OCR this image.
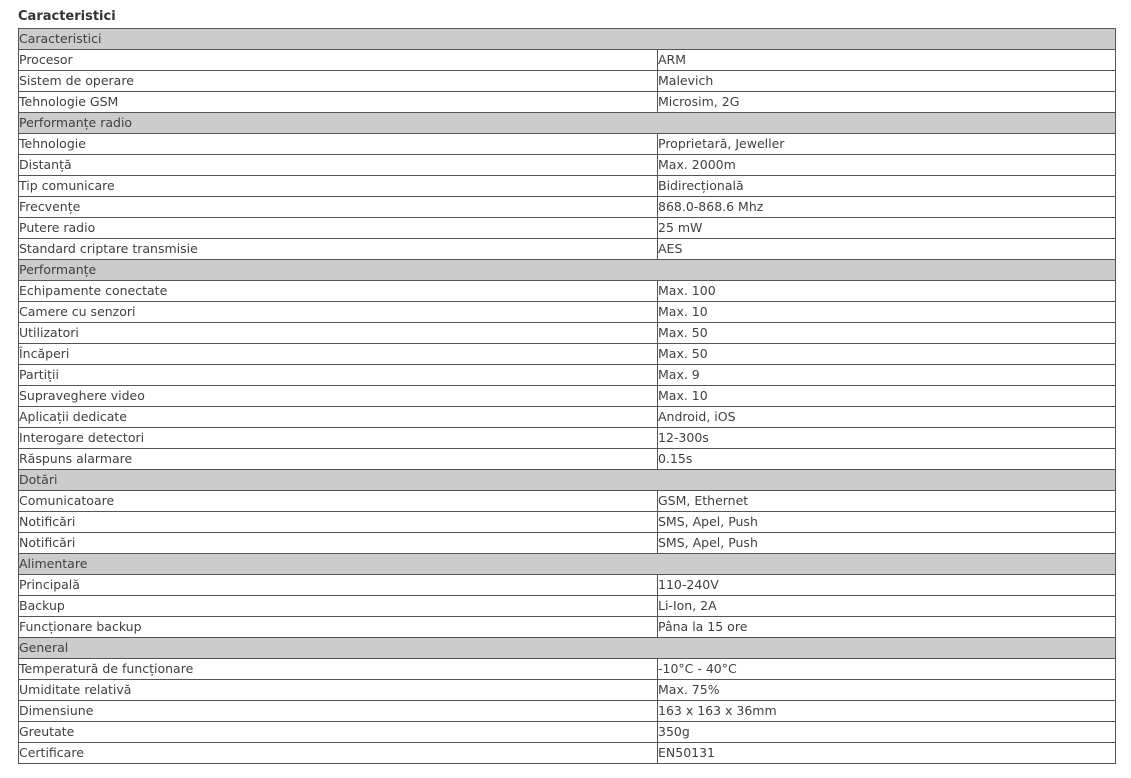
Caracteristici
Caracteristici	
Procesor	ARM
Sistem de operare	Malevich
Tehnologie GSM	Microsim, 2G
Performanțe radio	
Tehnologie	Proprietară, Jeweller
Distanță	Max. 2000m
Tip comunicare	Bidirecțională
Frecvențe	868.0-868.6 Mhz
Putere radio	25 mW
Standard criptare transmisie	AES
Performanțe	
Echipamente conectate	Max. 100
Camere cu senzori	Max. 10
Utilizatori	Max. 50
Încăperi	Max. 50
Partiții	Max. 9
Supraveghere video	Max. 10
Aplicații dedicate	Android, iOS
Interogare detectori	12-300s
Răspuns alarmare	0.15s
Dotări	
Comunicatoare	GSM, Ethernet
Notificări	SMS, Apel, Push
Notificări	SMS, Apel, Push
Alimentare	
Principală	110-240V
Backup	Li-Ion, 2A
Funcționare backup	Pâna la 15 ore
General	
Temperatură de funcționare	-10°C - 40°C
Umiditate relativă	Max. 75%
Dimensiune	163 x 163 x 36mm
Greutate	350g
Certificare	EN50131
